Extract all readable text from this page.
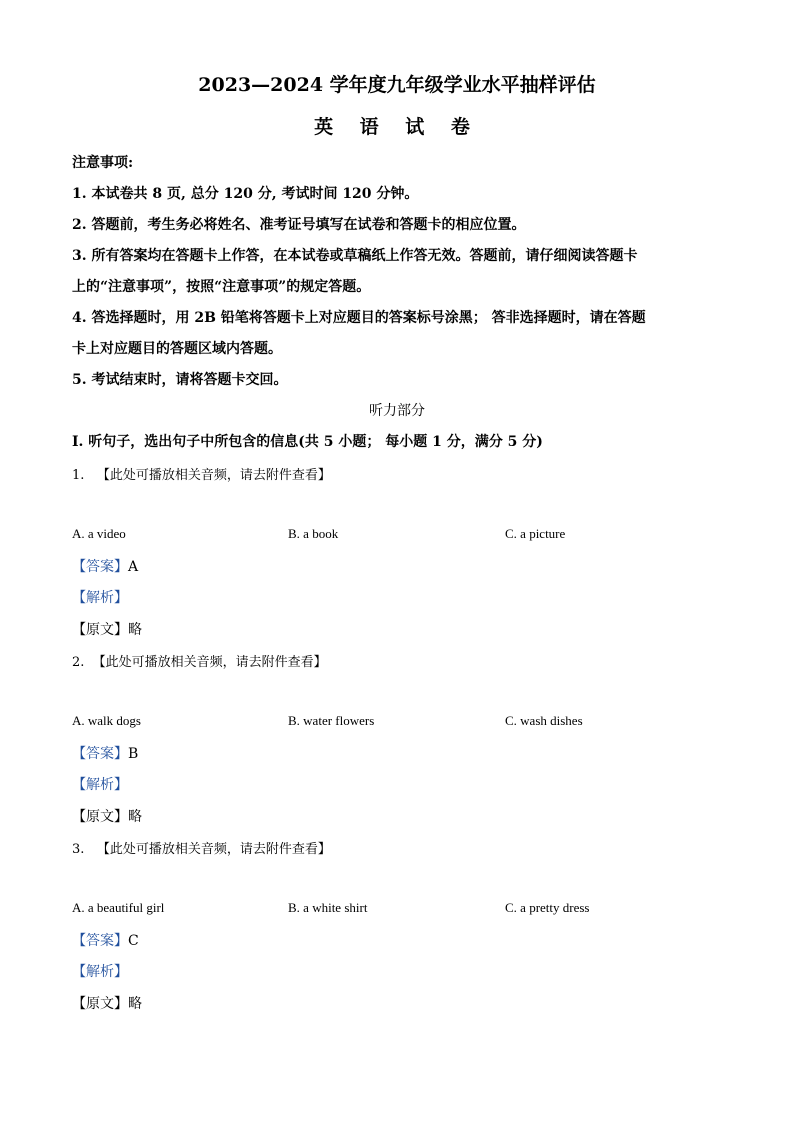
2023—2024 学年度九年级学业水平抽样评估
英 语 试 卷
注意事项:
1. 本试卷共 8 页, 总分 120 分, 考试时间 120 分钟。
2. 答题前，考生务必将姓名、准考证号填写在试卷和答题卡的相应位置。
3. 所有答案均在答题卡上作答，在本试卷或草稿纸上作答无效。答题前，请仔细阅读答题卡
上的“注意事项”，按照“注意事项”的规定答题。
4. 答选择题时，用 2B 铅笔将答题卡上对应题目的答案标号涂黑； 答非选择题时，请在答题
卡上对应题目的答题区域内答题。
5. 考试结束时，请将答题卡交回。
听力部分
Ⅰ. 听句子，选出句子中所包含的信息(共 5 小题； 每小题 1 分，满分 5 分)
1. 【此处可播放相关音频，请去附件查看】
A. a video	B. a book	C. a picture
【答案】A
【解析】
【原文】略
2. 【此处可播放相关音频，请去附件查看】
A. walk dogs	B. water flowers	C. wash dishes
【答案】B
【解析】
【原文】略
3. 【此处可播放相关音频，请去附件查看】
A. a beautiful girl	B. a white shirt	C. a pretty dress
【答案】C
【解析】
【原文】略
